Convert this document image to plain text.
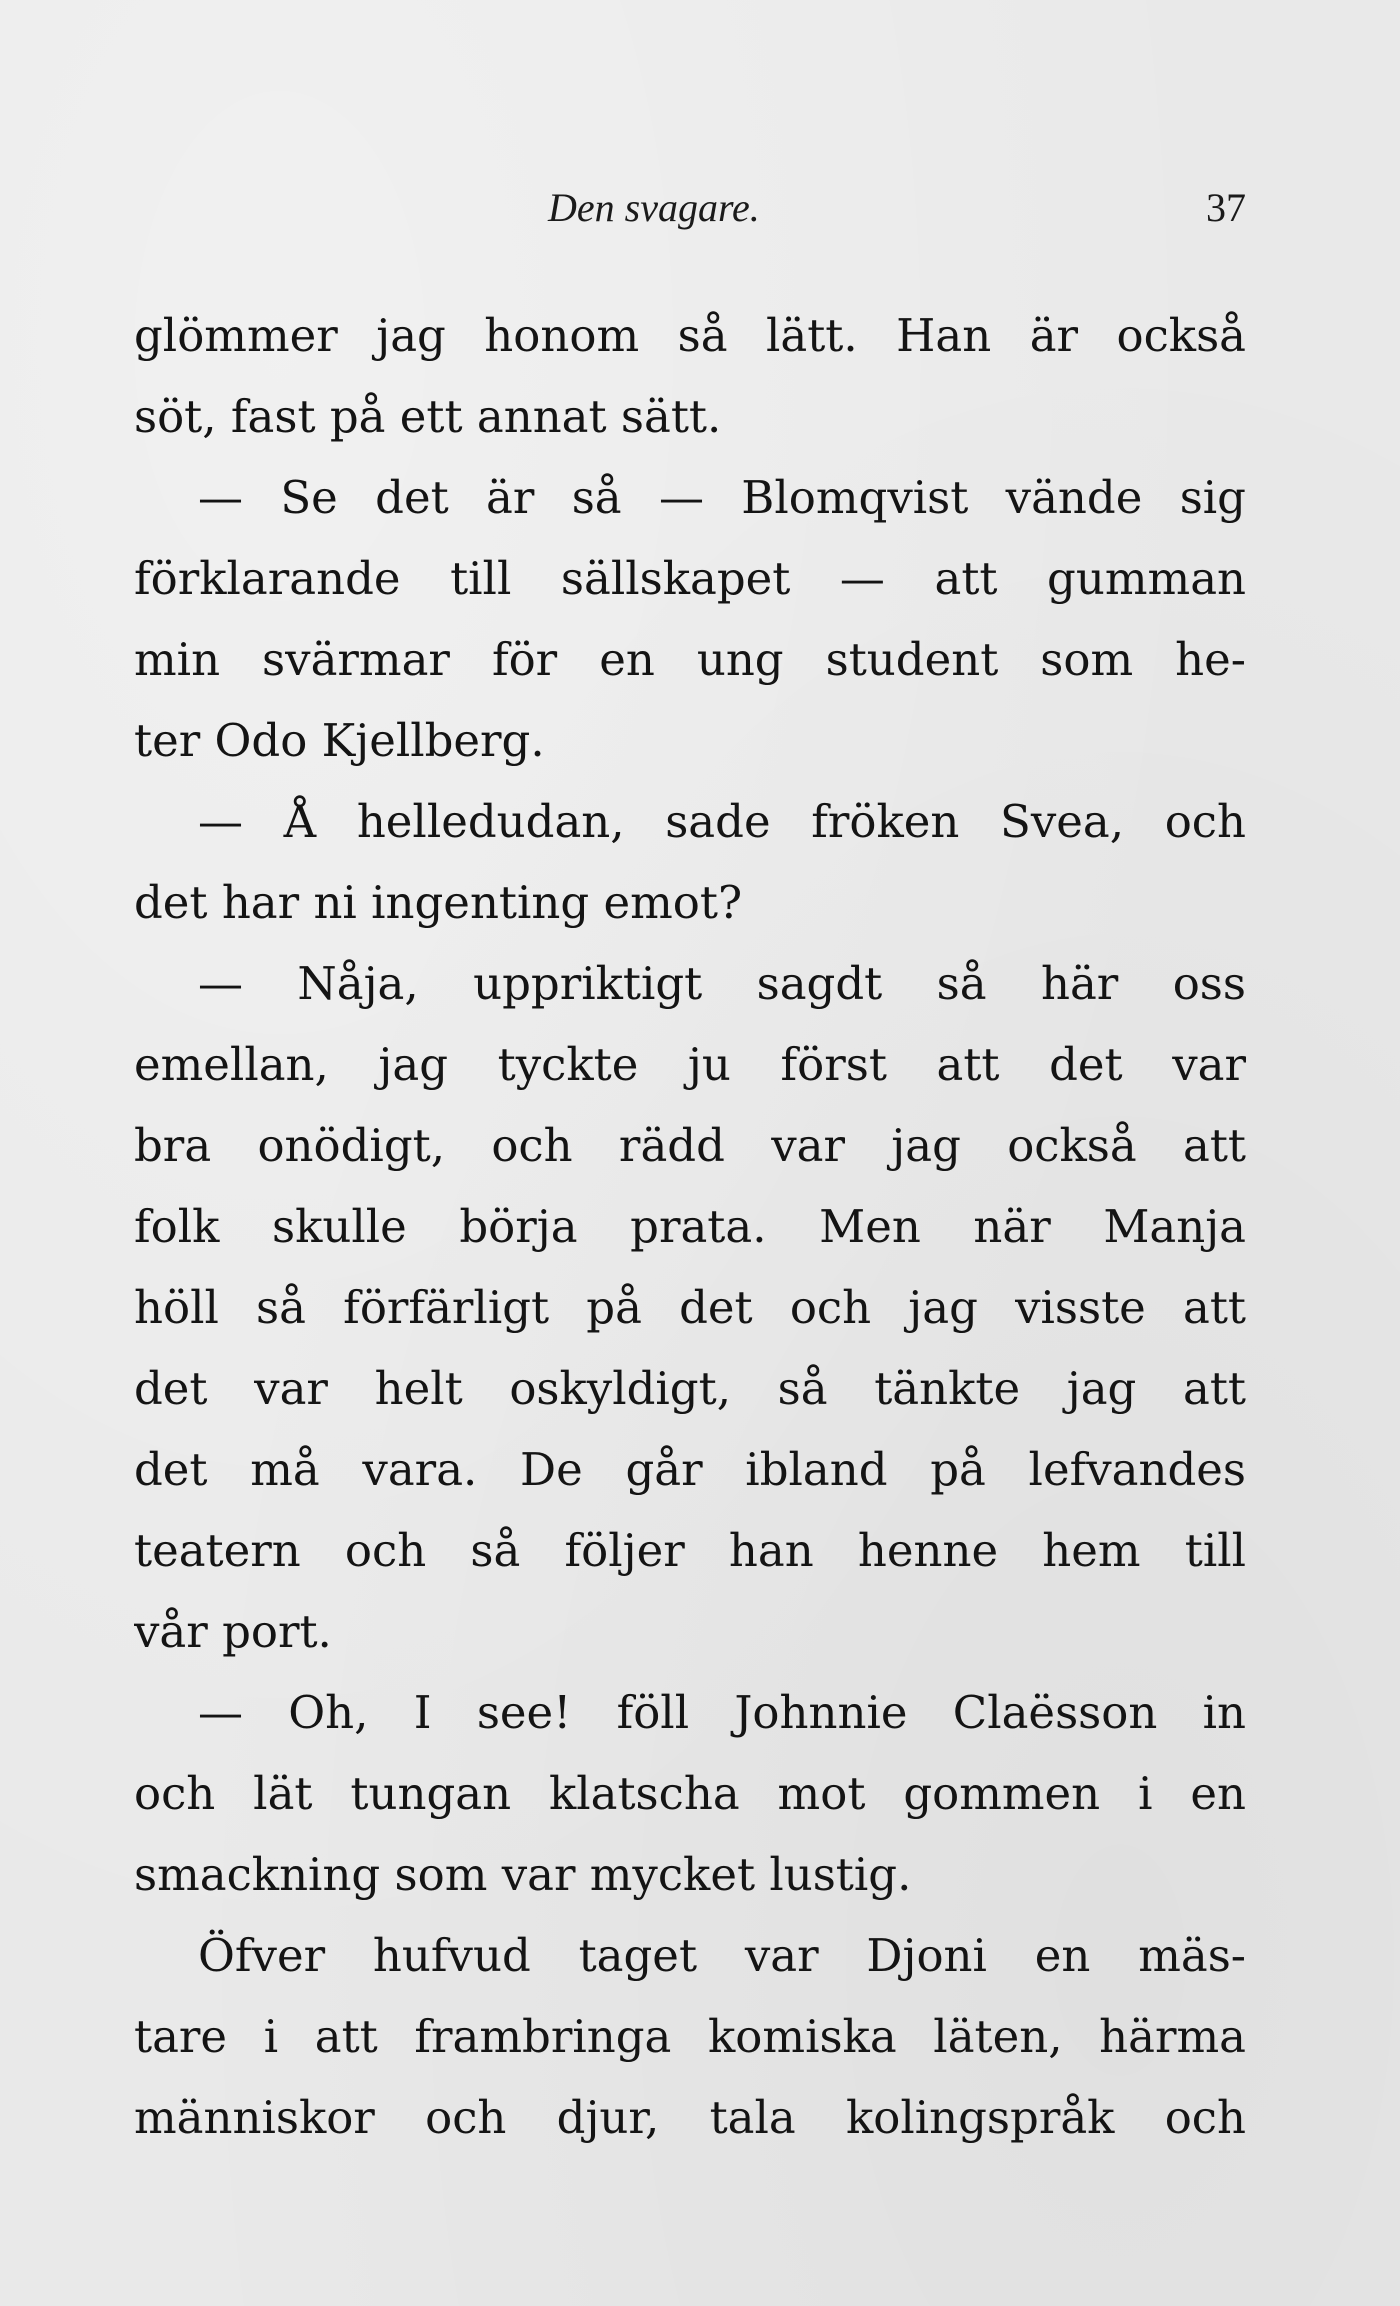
Den svagare.	37
glömmer jag honom så lätt. Han är också
söt, fast på ett annat sätt.
— Se det är så — Blomqvist vände sig
förklarande till sällskapet — att gumman
min svärmar för en ung student som he-
ter Odo Kjellberg.
— Å helledudan, sade fröken Svea, och
det har ni ingenting emot?
— Nåja, uppriktigt sagdt så här oss
emellan, jag tyckte ju först att det var
bra onödigt, och rädd var jag också att
folk skulle börja prata. Men när Manja
höll så förfärligt på det och jag visste att
det var helt oskyldigt, så tänkte jag att
det må vara. De går ibland på lefvandes
teatern och så följer han henne hem till
vår port.
— Oh, I see! föll Johnnie Claësson in
och lät tungan klatscha mot gommen i en
smackning som var mycket lustig.
Öfver hufvud taget var Djoni en mäs-
tare i att frambringa komiska läten, härma
människor och djur, tala kolingspråk och
